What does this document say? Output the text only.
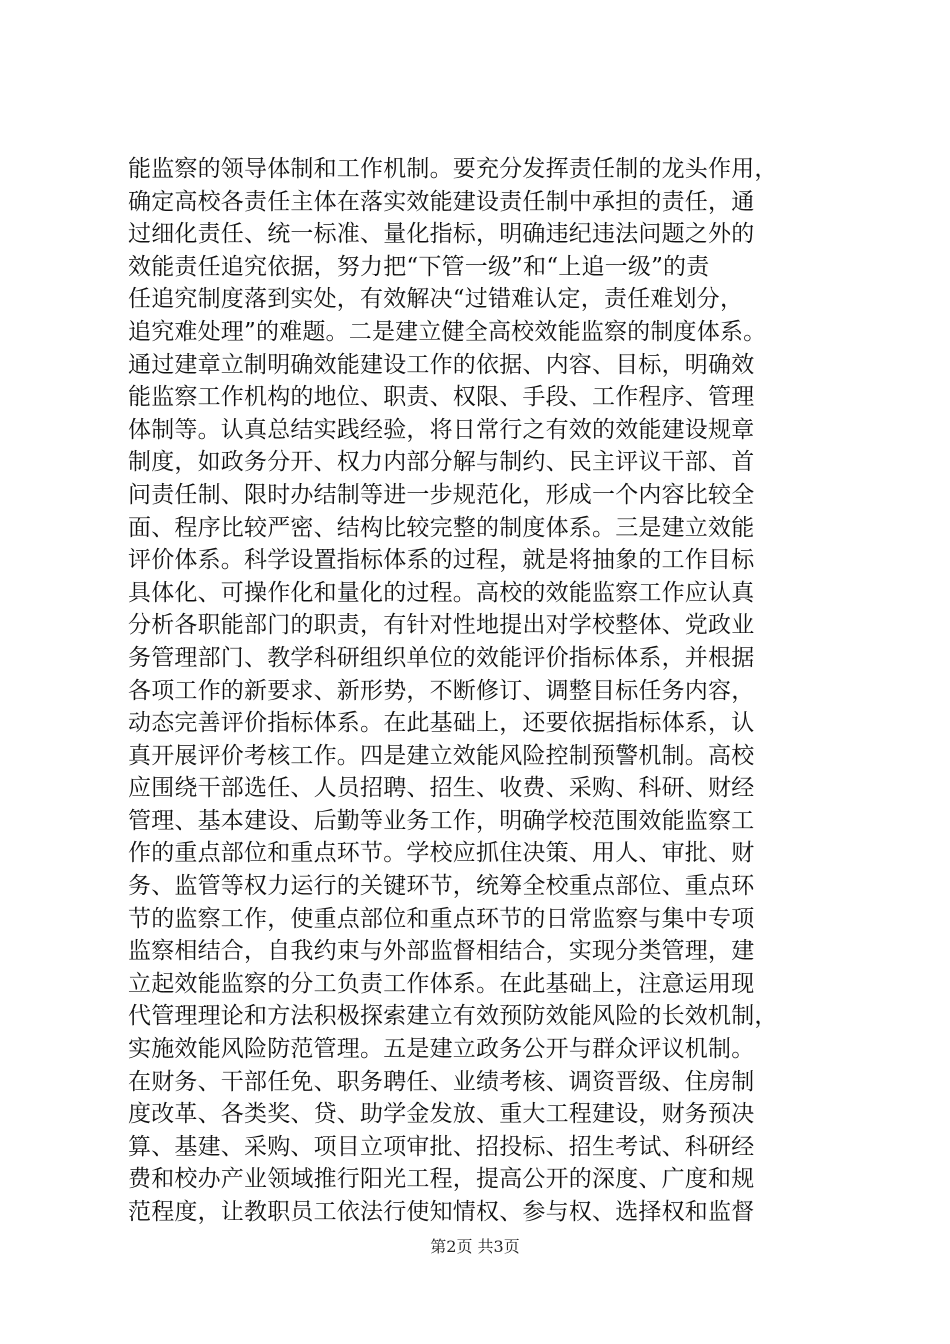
能监察的领导体制和工作机制。要充分发挥责任制的龙头作用，
确定高校各责任主体在落实效能建设责任制中承担的责任，通
过细化责任、统一标准、量化指标，明确违纪违法问题之外的
效能责任追究依据，努力把“下管一级”和“上追一级”的责
任追究制度落到实处，有效解决“过错难认定，责任难划分，
追究难处理”的难题。二是建立健全高校效能监察的制度体系。
通过建章立制明确效能建设工作的依据、内容、目标，明确效
能监察工作机构的地位、职责、权限、手段、工作程序、管理
体制等。认真总结实践经验，将日常行之有效的效能建设规章
制度，如政务分开、权力内部分解与制约、民主评议干部、首
问责任制、限时办结制等进一步规范化，形成一个内容比较全
面、程序比较严密、结构比较完整的制度体系。三是建立效能
评价体系。科学设置指标体系的过程，就是将抽象的工作目标
具体化、可操作化和量化的过程。高校的效能监察工作应认真
分析各职能部门的职责，有针对性地提出对学校整体、党政业
务管理部门、教学科研组织单位的效能评价指标体系，并根据
各项工作的新要求、新形势，不断修订、调整目标任务内容，
动态完善评价指标体系。在此基础上，还要依据指标体系，认
真开展评价考核工作。四是建立效能风险控制预警机制。高校
应围绕干部选任、人员招聘、招生、收费、采购、科研、财经
管理、基本建设、后勤等业务工作，明确学校范围效能监察工
作的重点部位和重点环节。学校应抓住决策、用人、审批、财
务、监管等权力运行的关键环节，统筹全校重点部位、重点环
节的监察工作，使重点部位和重点环节的日常监察与集中专项
监察相结合，自我约束与外部监督相结合，实现分类管理，建
立起效能监察的分工负责工作体系。在此基础上，注意运用现
代管理理论和方法积极探索建立有效预防效能风险的长效机制，
实施效能风险防范管理。五是建立政务公开与群众评议机制。
在财务、干部任免、职务聘任、业绩考核、调资晋级、住房制
度改革、各类奖、贷、助学金发放、重大工程建设，财务预决
算、基建、采购、项目立项审批、招投标、招生考试、科研经
费和校办产业领域推行阳光工程，提高公开的深度、广度和规
范程度，让教职员工依法行使知情权、参与权、选择权和监督
第2页 共3页
